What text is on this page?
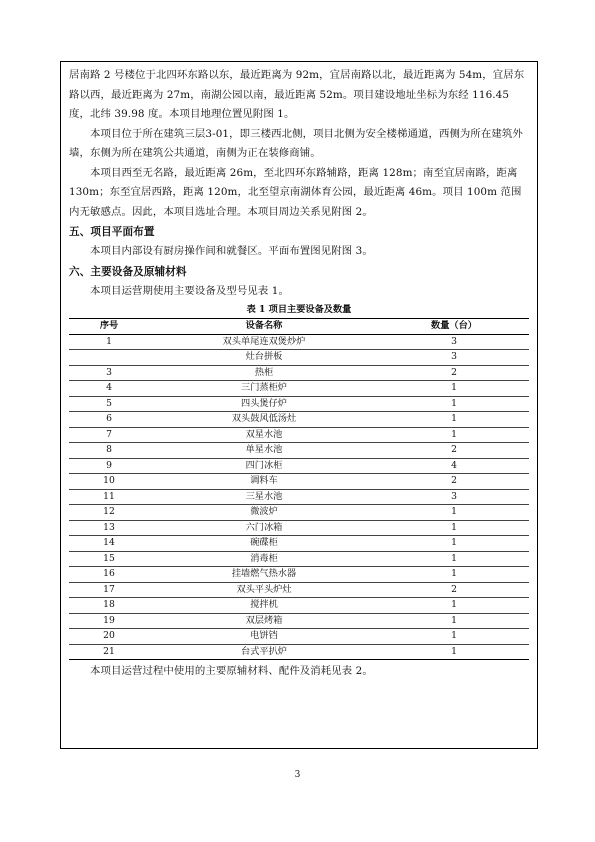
居南路 2 号楼位于北四环东路以东，最近距离为 92m，宜居南路以北，最近距离为 54m，宜居东路以西，最近距离为 27m，南湖公园以南，最近距离 52m。项目建设地址坐标为东经 116.45 度，北纬 39.98 度。本项目地理位置见附图 1。

本项目位于所在建筑三层3-01，即三楼西北侧，项目北侧为安全楼梯通道，西侧为所在建筑外墙，东侧为所在建筑公共通道，南侧为正在装修商铺。

本项目西至无名路，最近距离 26m，至北四环东路辅路，距离 128m；南至宜居南路，距离 130m；东至宜居西路，距离 120m，北至望京南湖体育公园，最近距离 46m。项目 100m 范围内无敏感点。因此，本项目选址合理。本项目周边关系见附图 2。

五、项目平面布置

本项目内部设有厨房操作间和就餐区。平面布置图见附图 3。

六、主要设备及原辅材料

本项目运营期使用主要设备及型号见表 1。

表 1 项目主要设备及数量
序号	设备名称	数量（台）
1	双头单尾连双煲炒炉	3
	灶台拼板	3
3	热柜	2
4	三门蒸柜炉	1
5	四头煲仔炉	1
6	双头鼓风低汤灶	1
7	双星水池	1
8	单星水池	2
9	四门冰柜	4
10	调料车	2
11	三星水池	3
12	微波炉	1
13	六门冰箱	1
14	碗碟柜	1
15	消毒柜	1
16	挂墙燃气热水器	1
17	双头平头炉灶	2
18	搅拌机	1
19	双层烤箱	1
20	电饼铛	1
21	台式平扒炉	1

本项目运营过程中使用的主要原辅材料、配件及消耗见表 2。

3
